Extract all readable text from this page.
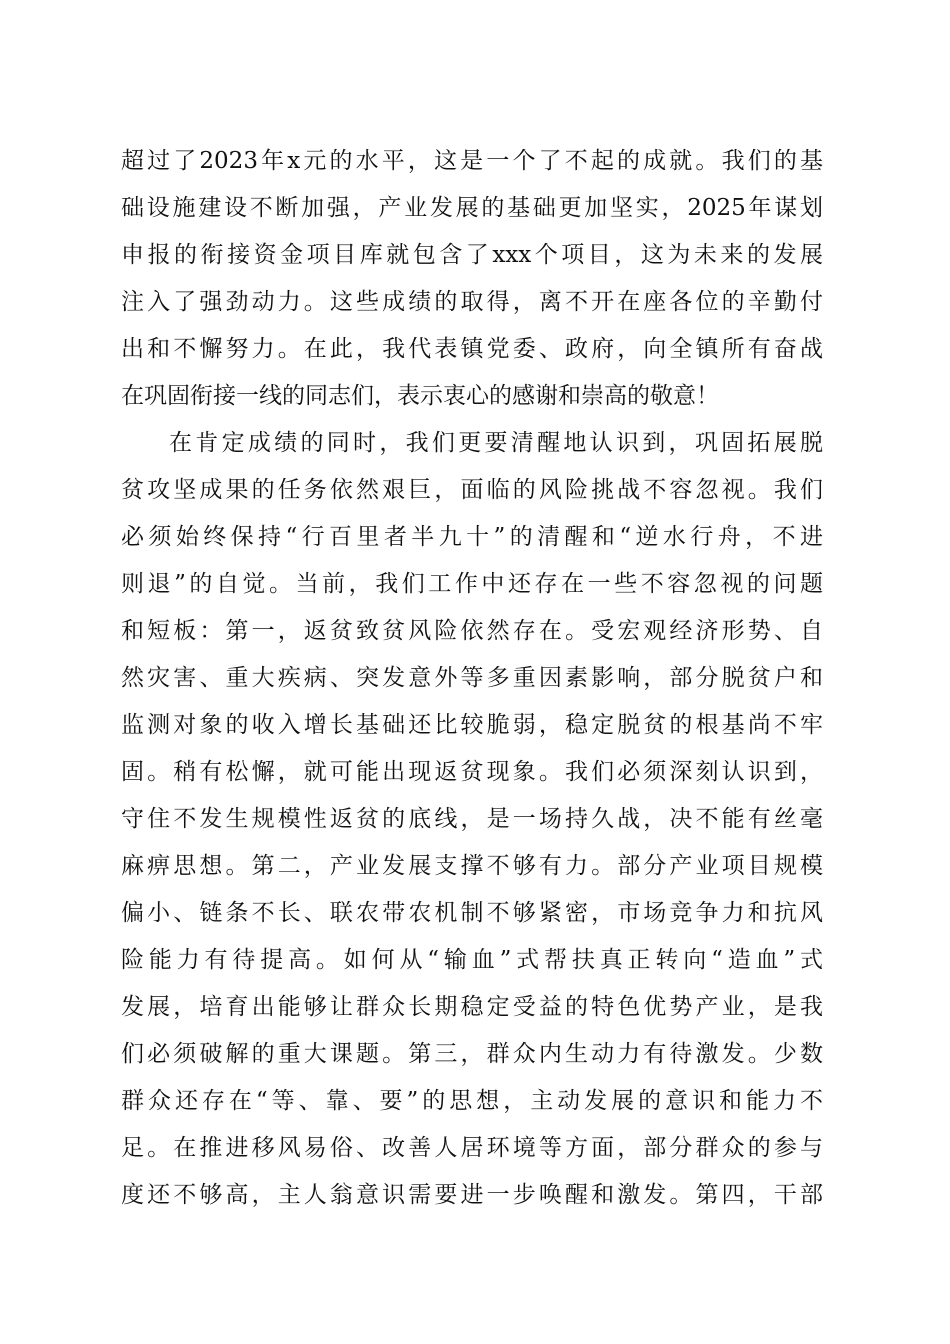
超过了2023年x元的水平，这是一个了不起的成就。我们的基
础设施建设不断加强，产业发展的基础更加坚实，2025年谋划
申报的衔接资金项目库就包含了xxx个项目，这为未来的发展
注入了强劲动力。这些成绩的取得，离不开在座各位的辛勤付
出和不懈努力。在此，我代表镇党委、政府，向全镇所有奋战
在巩固衔接一线的同志们，表示衷心的感谢和崇高的敬意！
在肯定成绩的同时，我们更要清醒地认识到，巩固拓展脱
贫攻坚成果的任务依然艰巨，面临的风险挑战不容忽视。我们
必须始终保持“行百里者半九十”的清醒和“逆水行舟，不进
则退”的自觉。当前，我们工作中还存在一些不容忽视的问题
和短板：第一，返贫致贫风险依然存在。受宏观经济形势、自
然灾害、重大疾病、突发意外等多重因素影响，部分脱贫户和
监测对象的收入增长基础还比较脆弱，稳定脱贫的根基尚不牢
固。稍有松懈，就可能出现返贫现象。我们必须深刻认识到，
守住不发生规模性返贫的底线，是一场持久战，决不能有丝毫
麻痹思想。第二，产业发展支撑不够有力。部分产业项目规模
偏小、链条不长、联农带农机制不够紧密，市场竞争力和抗风
险能力有待提高。如何从“输血”式帮扶真正转向“造血”式
发展，培育出能够让群众长期稳定受益的特色优势产业，是我
们必须破解的重大课题。第三，群众内生动力有待激发。少数
群众还存在“等、靠、要”的思想，主动发展的意识和能力不
足。在推进移风易俗、改善人居环境等方面，部分群众的参与
度还不够高，主人翁意识需要进一步唤醒和激发。第四，干部
